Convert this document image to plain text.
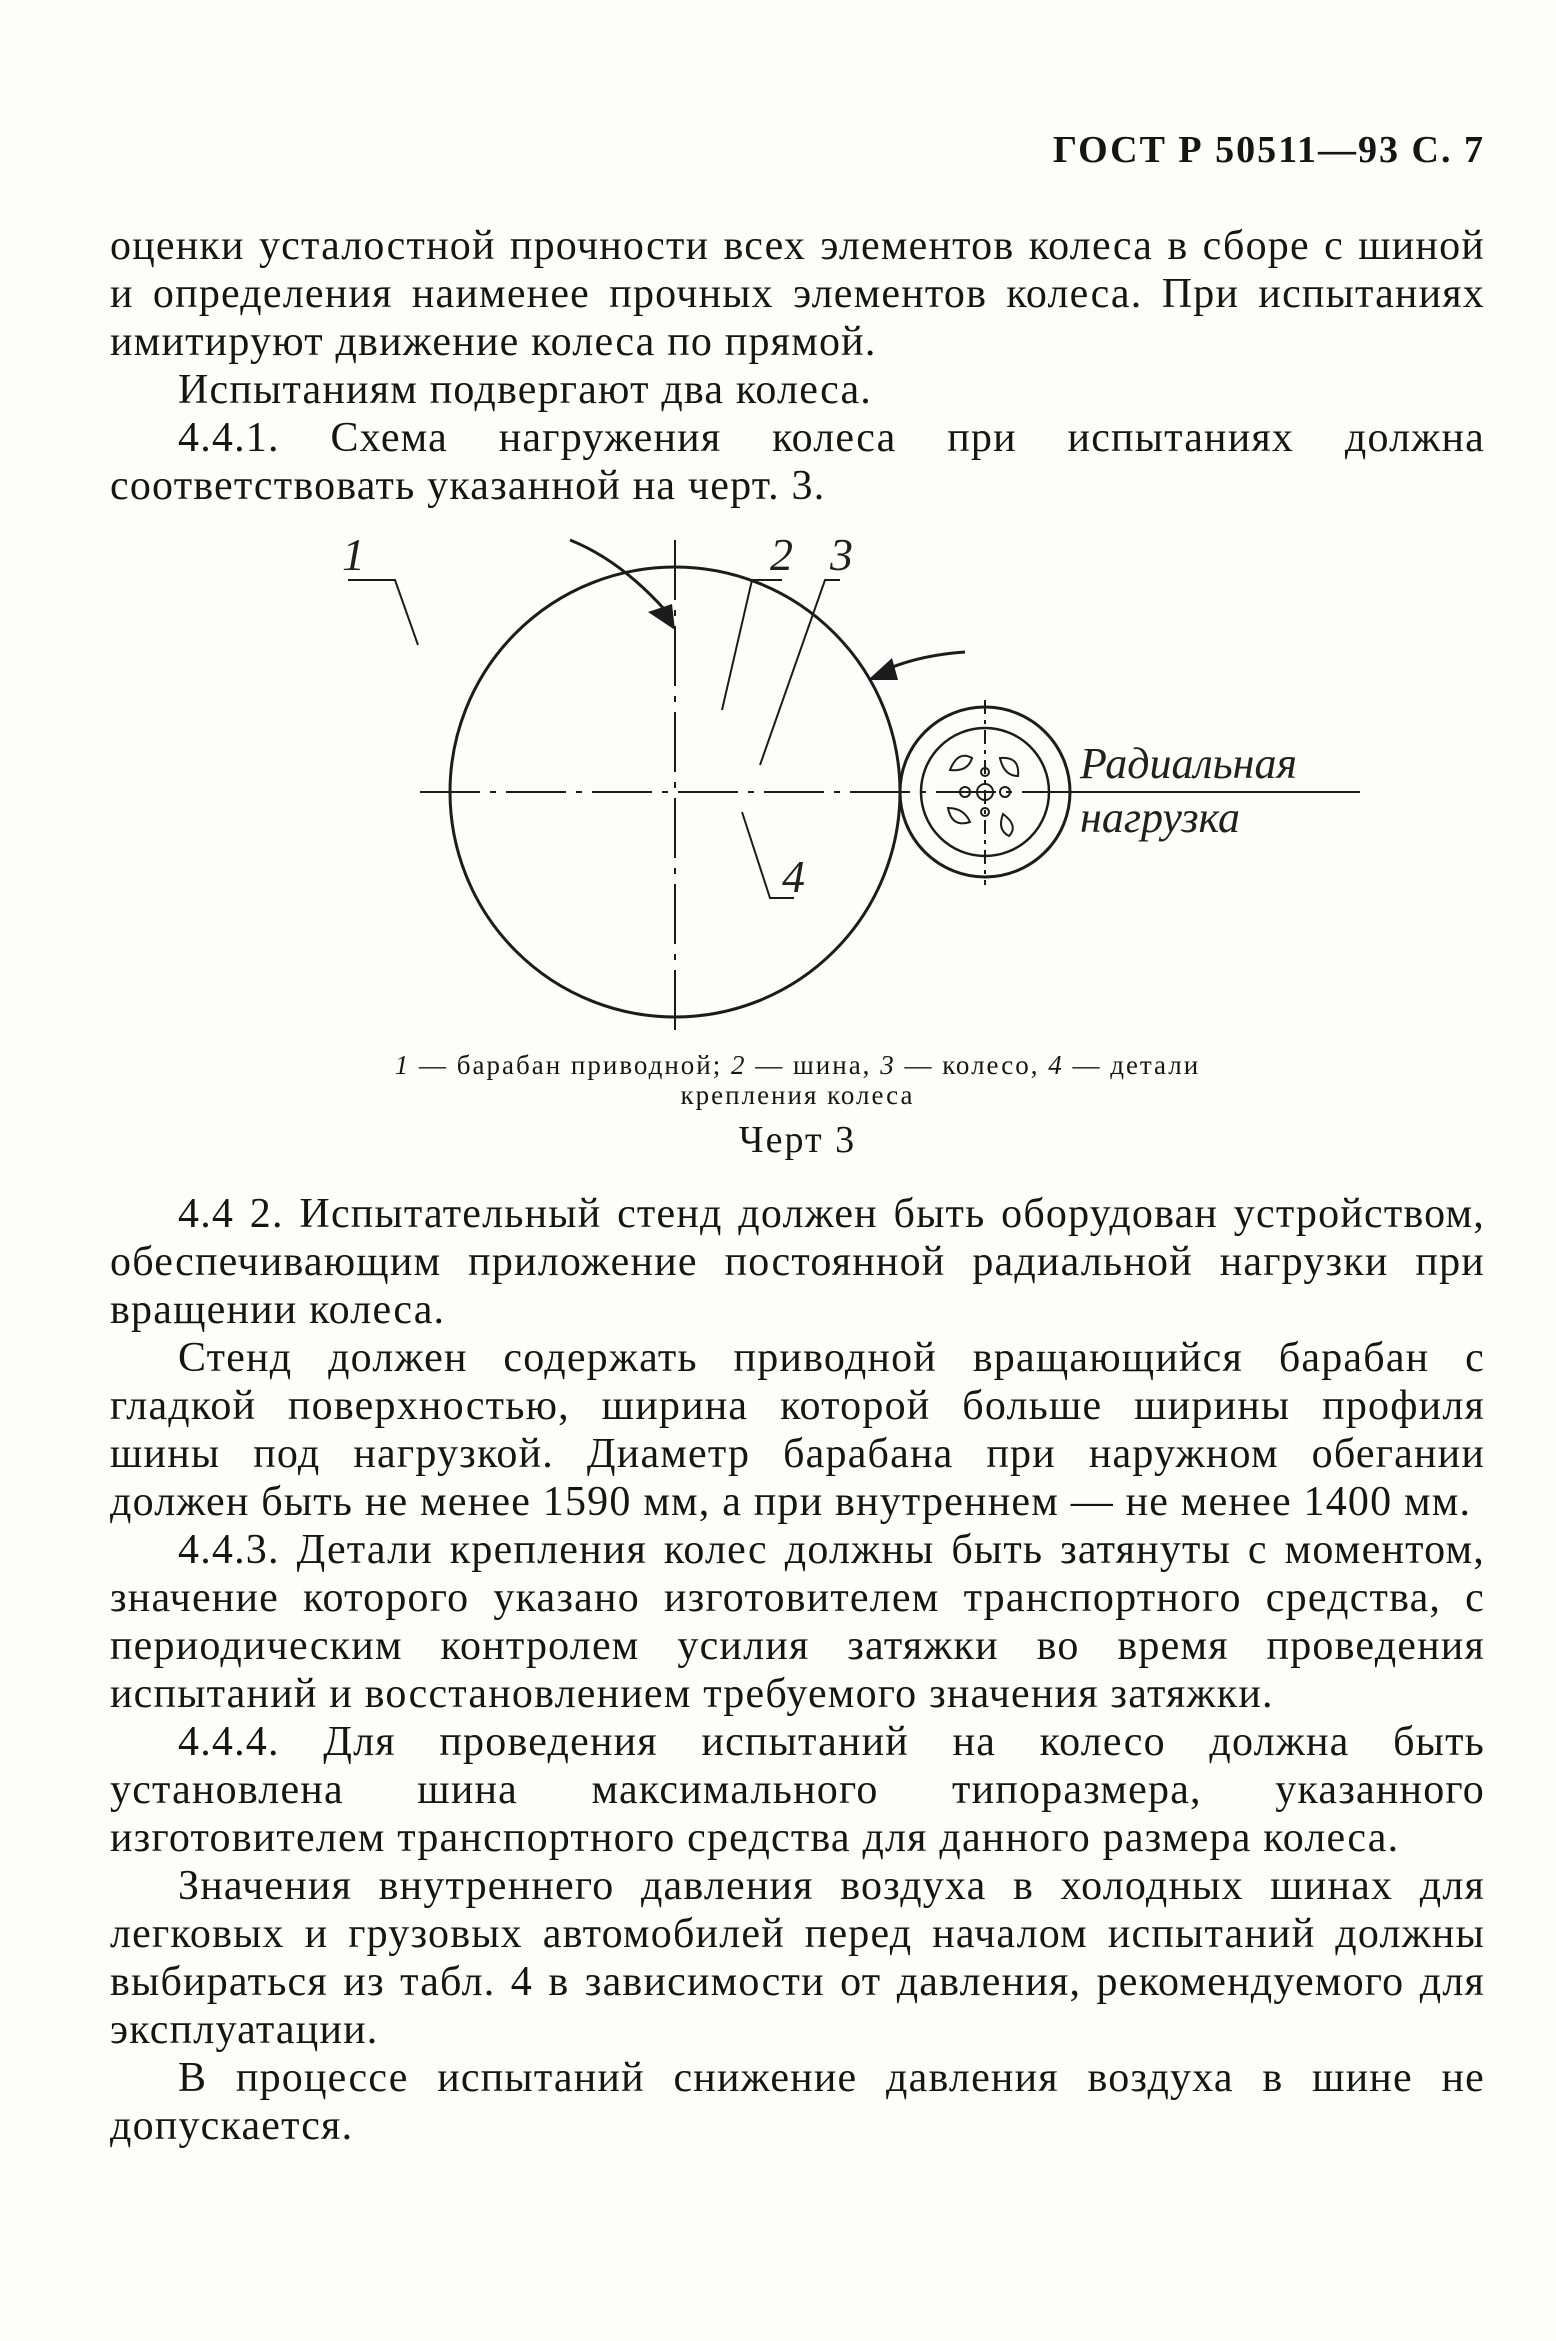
ГОСТ Р 50511—93 С. 7

оценки усталостной прочности всех элементов колеса в сборе с шиной и определения наименее прочных элементов колеса. При испытаниях имитируют движение колеса по прямой.

Испытаниям подвергают два колеса.

4.4.1. Схема нагружения колеса при испытаниях должна соответствовать указанной на черт. 3.

1	2 3
4
Радиальная
нагрузка
1 — барабан приводной; 2 — шина, 3 — колесо, 4 — детали
крепления колеса
Черт 3

4.4 2. Испытательный стенд должен быть оборудован устройством, обеспечивающим приложение постоянной радиальной нагрузки при вращении колеса.

Стенд должен содержать приводной вращающийся барабан с гладкой поверхностью, ширина которой больше ширины профиля шины под нагрузкой. Диаметр барабана при наружном обегании должен быть не менее 1590 мм, а при внутреннем — не менее 1400 мм.

4.4.3. Детали крепления колес должны быть затянуты с моментом, значение которого указано изготовителем транспортного средства, с периодическим контролем усилия затяжки во время проведения испытаний и восстановлением требуемого значения затяжки.

4.4.4. Для проведения испытаний на колесо должна быть установлена шина максимального типоразмера, указанного изготовителем транспортного средства для данного размера колеса.

Значения внутреннего давления воздуха в холодных шинах для легковых и грузовых автомобилей перед началом испытаний должны выбираться из табл. 4 в зависимости от давления, рекомендуемого для эксплуатации.

В процессе испытаний снижение давления воздуха в шине не допускается.
